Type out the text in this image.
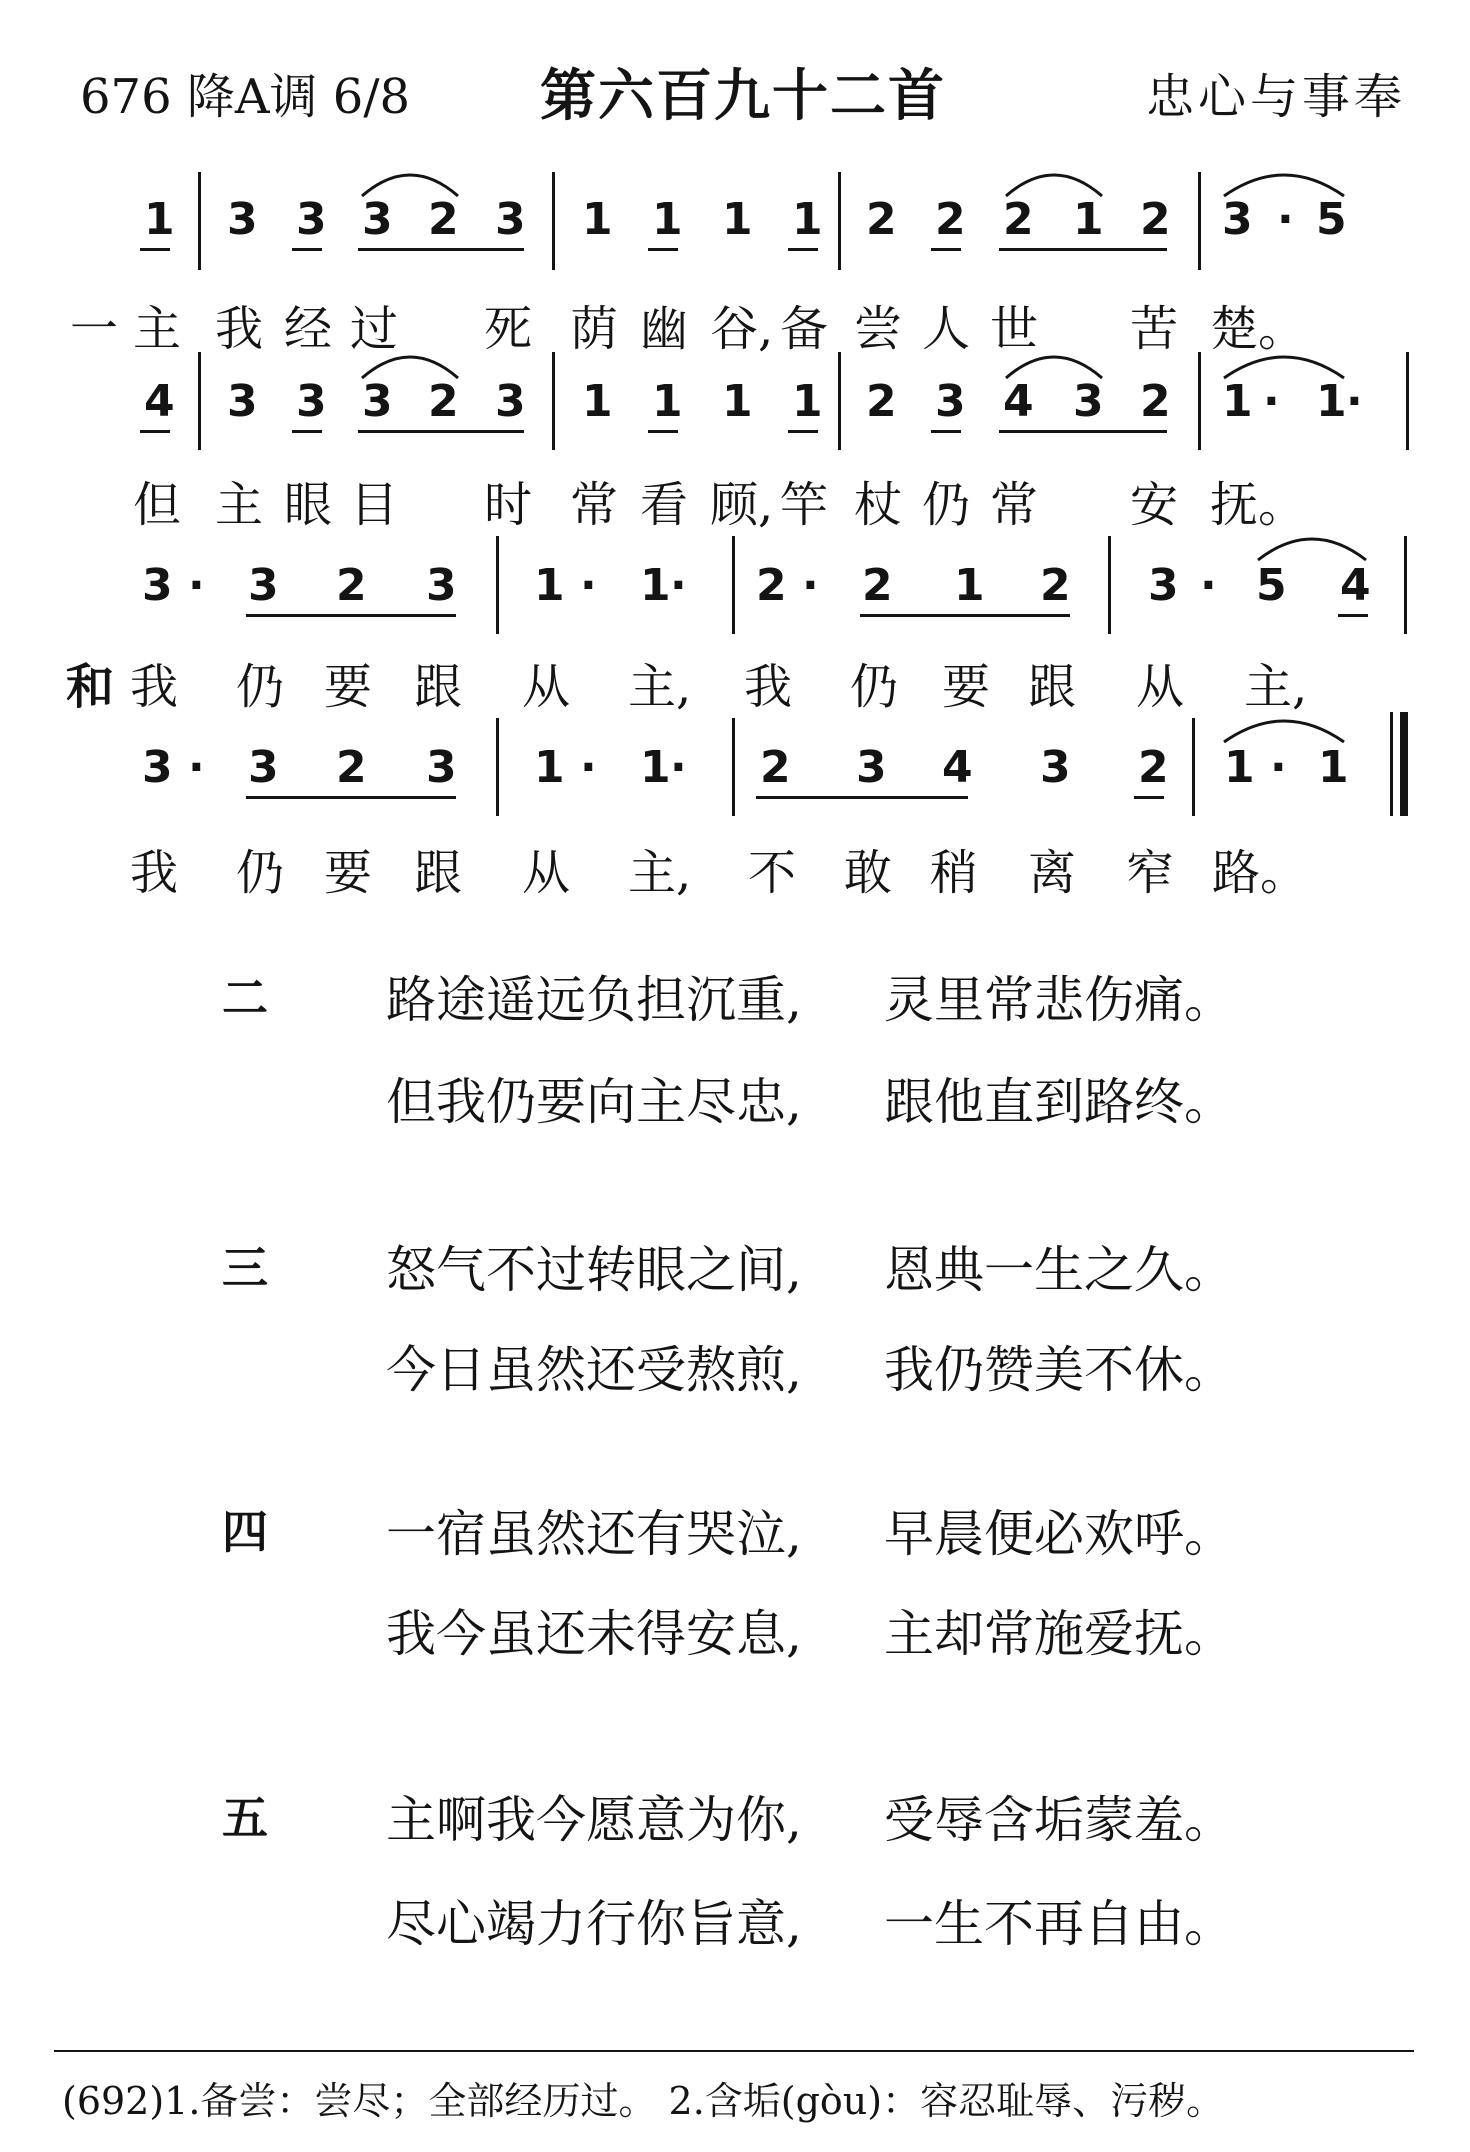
676 降A调 6/8 第六百九十二首	忠心与事奉
1 3 3 3 2 3 1 1 1 1 2 2 2 1 2 3 · 5
一 主 我 经 过 死 荫 幽 谷, 备 尝 人 世 苦 楚。
4 3 3 3 2 3 1 1 1 1 2 3 4 3 2 1 · 1 ·
但 主 眼 目 时 常 看 顾, 竿 杖 仍 常 安 抚。
3 · 3 2 3 1 · 1 · 2 · 2 1 2 3 · 5 4
和 我 仍 要 跟 从 主, 我 仍 要 跟 从 主,
3 · 3 2 3 1 · 1 · 2 3 4 3 2 1 · 1
我 仍 要 跟 从 主, 不 敢 稍 离 窄 路。
二 路途遥远负担沉重, 灵里常悲伤痛。
但我仍要向主尽忠, 跟他直到路终。
三 怒气不过转眼之间, 恩典一生之久。
今日虽然还受熬煎, 我仍赞美不休。
四 一宿虽然还有哭泣, 早晨便必欢呼。
我今虽还未得安息, 主却常施爱抚。
五 主啊我今愿意为你, 受辱含垢蒙羞。
尽心竭力行你旨意, 一生不再自由。
(692)1.备尝：尝尽；全部经历过。 2.含垢(gòu)：容忍耻辱、污秽。
